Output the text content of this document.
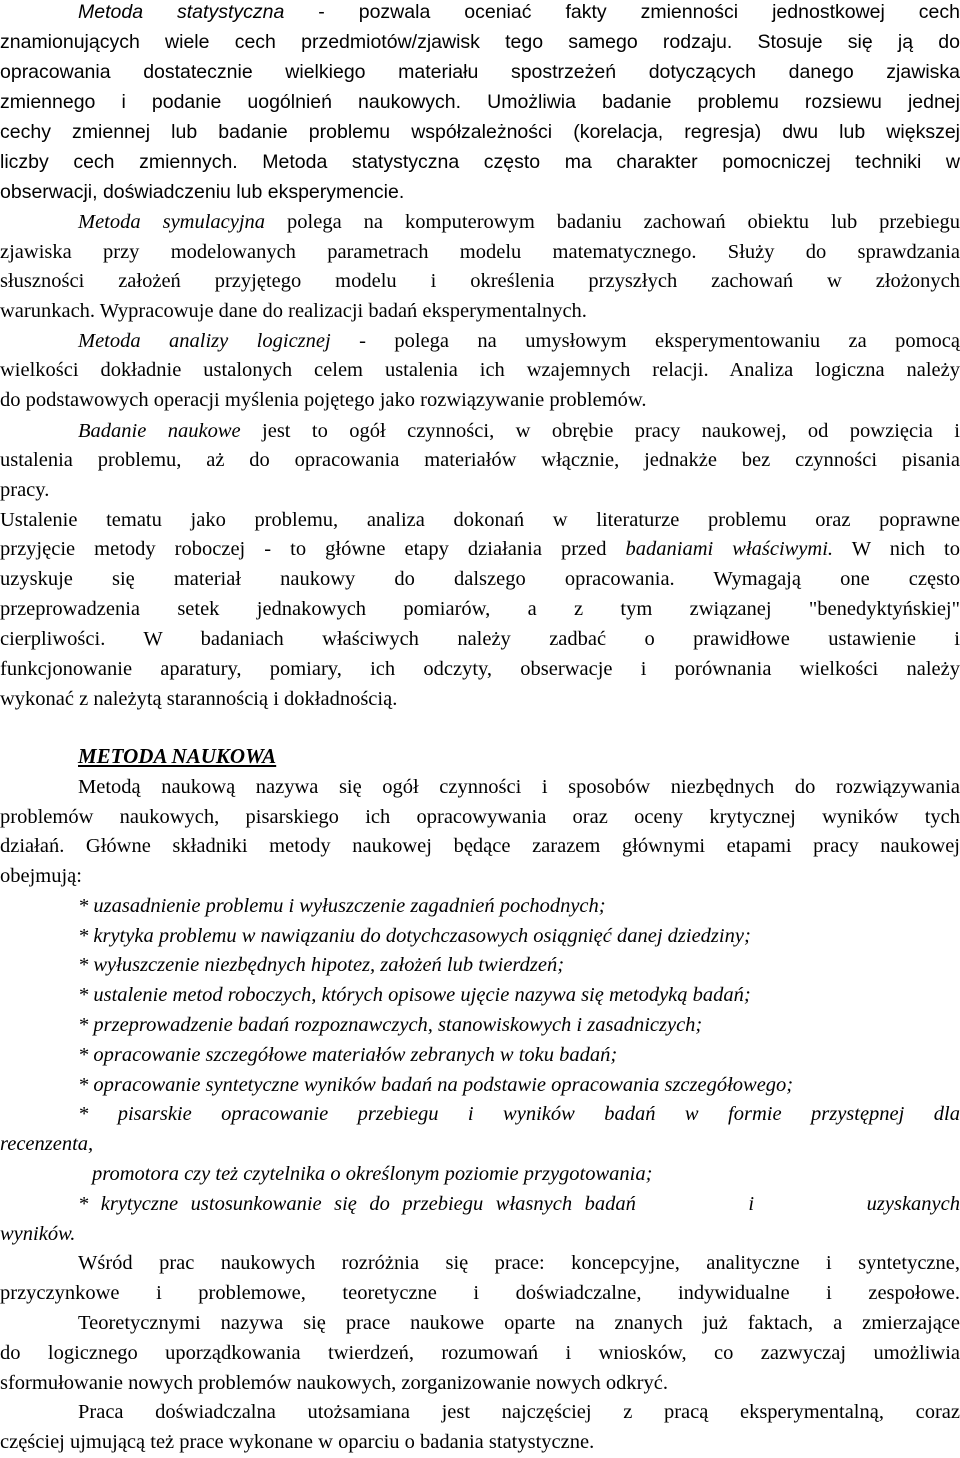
Metoda statystyczna - pozwala oceniać fakty zmienności jednostkowej cech
znamionujących wiele cech przedmiotów/zjawisk tego samego rodzaju. Stosuje się ją do
opracowania dostatecznie wielkiego materiału spostrzeżeń dotyczących danego zjawiska
zmiennego i podanie uogólnień naukowych. Umożliwia badanie problemu rozsiewu jednej
cechy zmiennej lub badanie problemu współzależności (korelacja, regresja) dwu lub większej
liczby cech zmiennych. Metoda statystyczna często ma charakter pomocniczej techniki w
obserwacji, doświadczeniu lub eksperymencie.
Metoda symulacyjna polega na komputerowym badaniu zachowań obiektu lub przebiegu
zjawiska przy modelowanych parametrach modelu matematycznego. Służy do sprawdzania
słuszności założeń przyjętego modelu i określenia przyszłych zachowań w złożonych
warunkach. Wypracowuje dane do realizacji badań eksperymentalnych.
Metoda analizy logicznej - polega na umysłowym eksperymentowaniu za pomocą
wielkości dokładnie ustalonych celem ustalenia ich wzajemnych relacji. Analiza logiczna należy
do podstawowych operacji myślenia pojętego jako rozwiązywanie problemów.
Badanie naukowe jest to ogół czynności, w obrębie pracy naukowej, od powzięcia i
ustalenia problemu, aż do opracowania materiałów włącznie, jednakże bez czynności pisania
pracy.
Ustalenie tematu jako problemu, analiza dokonań w literaturze problemu oraz poprawne
przyjęcie metody roboczej - to główne etapy działania przed badaniami właściwymi. W nich to
uzyskuje się materiał naukowy do dalszego opracowania. Wymagają one często
przeprowadzenia setek jednakowych pomiarów, a z tym związanej "benedyktyńskiej"
cierpliwości. W badaniach właściwych należy zadbać o prawidłowe ustawienie i
funkcjonowanie aparatury, pomiary, ich odczyty, obserwacje i porównania wielkości należy
wykonać z należytą starannością i dokładnością.
METODA NAUKOWA
Metodą naukową nazywa się ogół czynności i sposobów niezbędnych do rozwiązywania
problemów naukowych, pisarskiego ich opracowywania oraz oceny krytycznej wyników tych
działań. Główne składniki metody naukowej będące zarazem głównymi etapami pracy naukowej
obejmują:
* uzasadnienie problemu i wyłuszczenie zagadnień pochodnych;
* krytyka problemu w nawiązaniu do dotychczasowych osiągnięć danej dziedziny;
* wyłuszczenie niezbędnych hipotez, założeń lub twierdzeń;
* ustalenie metod roboczych, których opisowe ujęcie nazywa się metodyką badań;
* przeprowadzenie badań rozpoznawczych, stanowiskowych i zasadniczych;
* opracowanie szczegółowe materiałów zebranych w toku badań;
* opracowanie syntetyczne wyników badań na podstawie opracowania szczegółowego;
* pisarskie opracowanie przebiegu i wyników badań w formie przystępnej dla
recenzenta,
promotora czy też czytelnika o określonym poziomie przygotowania;
* krytyczne ustosunkowanie się do przebiegu własnych badań         i         uzyskanych
wyników.
Wśród prac naukowych rozróżnia się prace: koncepcyjne, analityczne i syntetyczne,
przyczynkowe i problemowe, teoretyczne i doświadczalne, indywidualne i zespołowe.
Teoretycznymi nazywa się prace naukowe oparte na znanych już faktach, a zmierzające
do logicznego uporządkowania twierdzeń, rozumowań i wniosków, co zazwyczaj umożliwia
sformułowanie nowych problemów naukowych, zorganizowanie nowych odkryć.
Praca doświadczalna utożsamiana jest najczęściej z pracą eksperymentalną, coraz
częściej ujmującą też prace wykonane w oparciu o badania statystyczne.
